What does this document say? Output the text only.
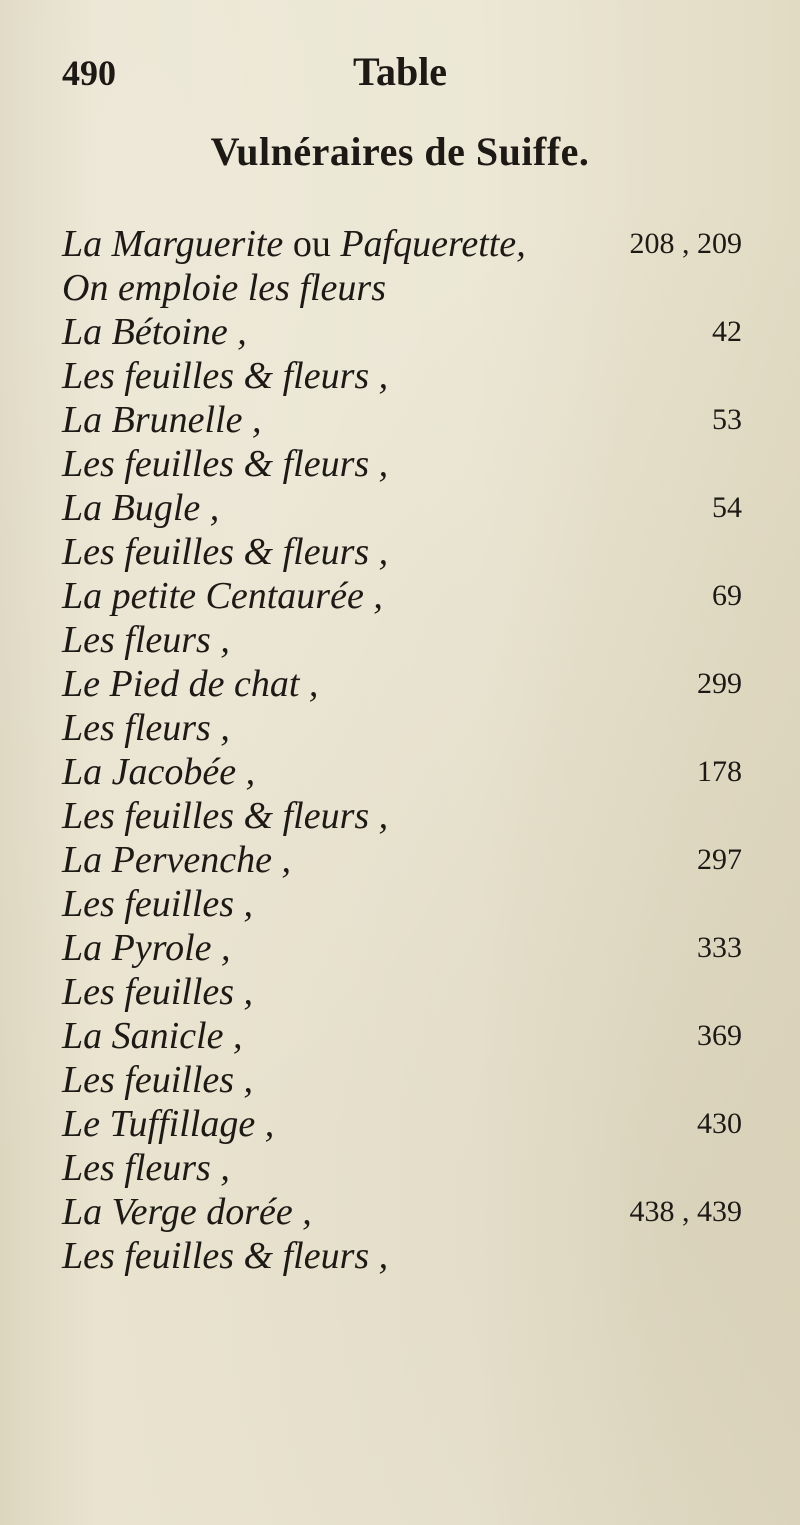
490	Table
Vulnéraires de Suiffe.
La Marguerite ou Pafquerette,	208 , 209
On emploie les fleurs
La Bétoine ,	42
Les feuilles & fleurs ,
La Brunelle ,	53
Les feuilles & fleurs ,
La Bugle ,	54
Les feuilles & fleurs ,
La petite Centaurée ,	69
Les fleurs ,
Le Pied de chat ,	299
Les fleurs ,
La Jacobée ,	178
Les feuilles & fleurs ,
La Pervenche ,	297
Les feuilles ,
La Pyrole ,	333
Les feuilles ,
La Sanicle ,	369
Les feuilles ,
Le Tuffillage ,	430
Les fleurs ,
La Verge dorée ,	438 , 439
Les feuilles & fleurs ,
